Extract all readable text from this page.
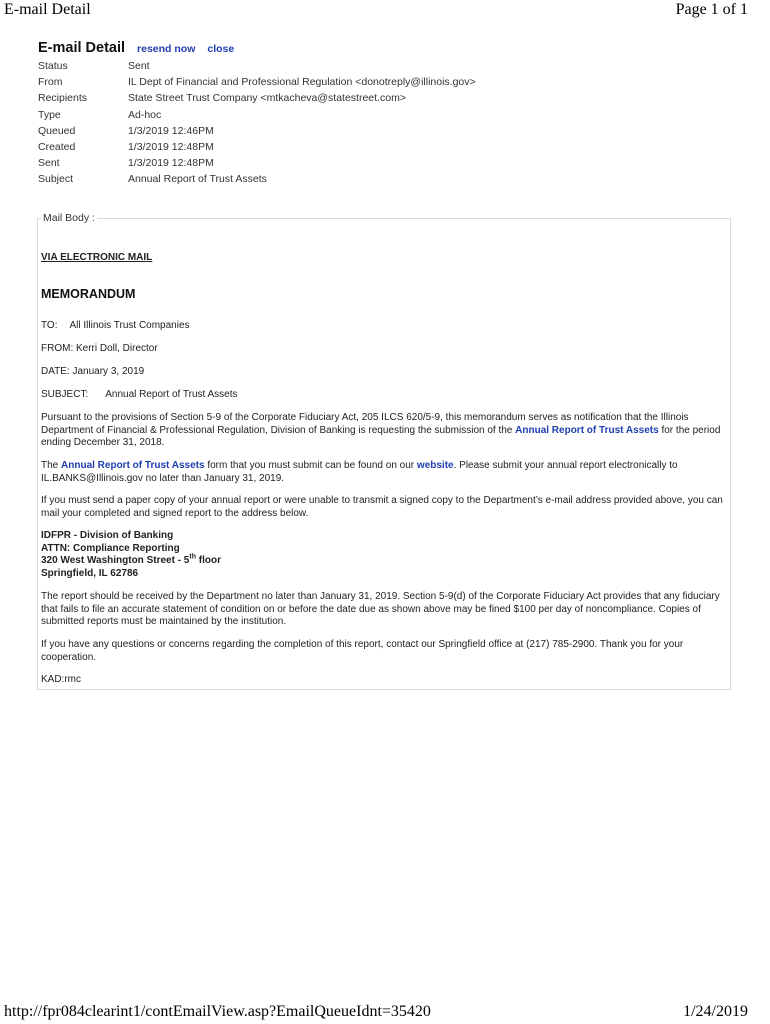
E-mail Detail	Page 1 of 1
E-mail Detail resend now close
Status	Sent
From	IL Dept of Financial and Professional Regulation <donotreply@illinois.gov>
Recipients	State Street Trust Company <mtkacheva@statestreet.com>
Type	Ad-hoc
Queued	1/3/2019 12:46PM
Created	1/3/2019 12:48PM
Sent	1/3/2019 12:48PM
Subject	Annual Report of Trust Assets
Mail Body :
VIA ELECTRONIC MAIL
MEMORANDUM
TO: All Illinois Trust Companies
FROM: Kerri Doll, Director
DATE: January 3, 2019
SUBJECT: Annual Report of Trust Assets

Pursuant to the provisions of Section 5-9 of the Corporate Fiduciary Act, 205 ILCS 620/5-9, this memorandum serves as notification that the Illinois Department of Financial & Professional Regulation, Division of Banking is requesting the submission of the Annual Report of Trust Assets for the period ending December 31, 2018.

The Annual Report of Trust Assets form that you must submit can be found on our website. Please submit your annual report electronically to IL.BANKS@Illinois.gov no later than January 31, 2019.

If you must send a paper copy of your annual report or were unable to transmit a signed copy to the Department’s e-mail address provided above, you can mail your completed and signed report to the address below.

IDFPR - Division of Banking
ATTN: Compliance Reporting
320 West Washington Street - 5th floor
Springfield, IL 62786

The report should be received by the Department no later than January 31, 2019. Section 5-9(d) of the Corporate Fiduciary Act provides that any fiduciary that fails to file an accurate statement of condition on or before the date due as shown above may be fined $100 per day of noncompliance. Copies of submitted reports must be maintained by the institution.

If you have any questions or concerns regarding the completion of this report, contact our Springfield office at (217) 785-2900. Thank you for your cooperation.

KAD:rmc

http://fpr084clearint1/contEmailView.asp?EmailQueueIdnt=35420	1/24/2019
